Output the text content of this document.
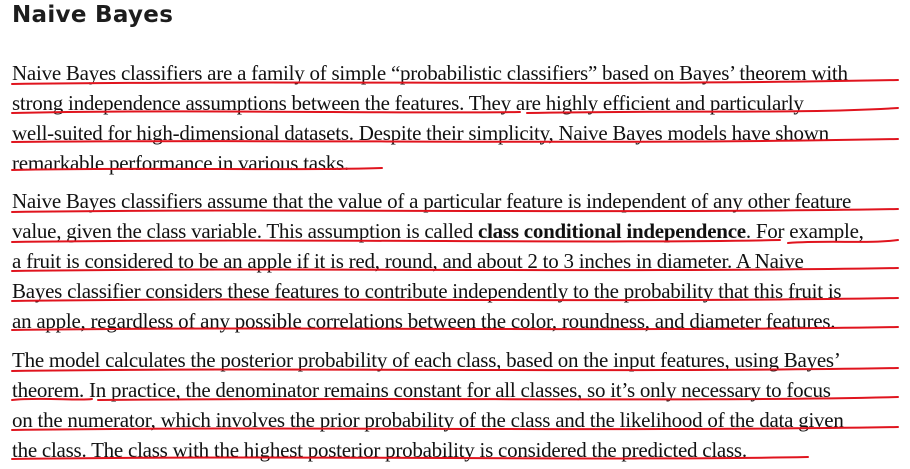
Naive Bayes
Naive Bayes classifiers are a family of simple “probabilistic classifiers” based on Bayes’ theorem with
strong independence assumptions between the features. They are highly efficient and particularly
well-suited for high-dimensional datasets. Despite their simplicity, Naive Bayes models have shown
remarkable performance in various tasks.
Naive Bayes classifiers assume that the value of a particular feature is independent of any other feature
value, given the class variable. This assumption is called class conditional independence. For example,
a fruit is considered to be an apple if it is red, round, and about 2 to 3 inches in diameter. A Naive
Bayes classifier considers these features to contribute independently to the probability that this fruit is
an apple, regardless of any possible correlations between the color, roundness, and diameter features.
The model calculates the posterior probability of each class, based on the input features, using Bayes’
theorem. In practice, the denominator remains constant for all classes, so it’s only necessary to focus
on the numerator, which involves the prior probability of the class and the likelihood of the data given
the class. The class with the highest posterior probability is considered the predicted class.
